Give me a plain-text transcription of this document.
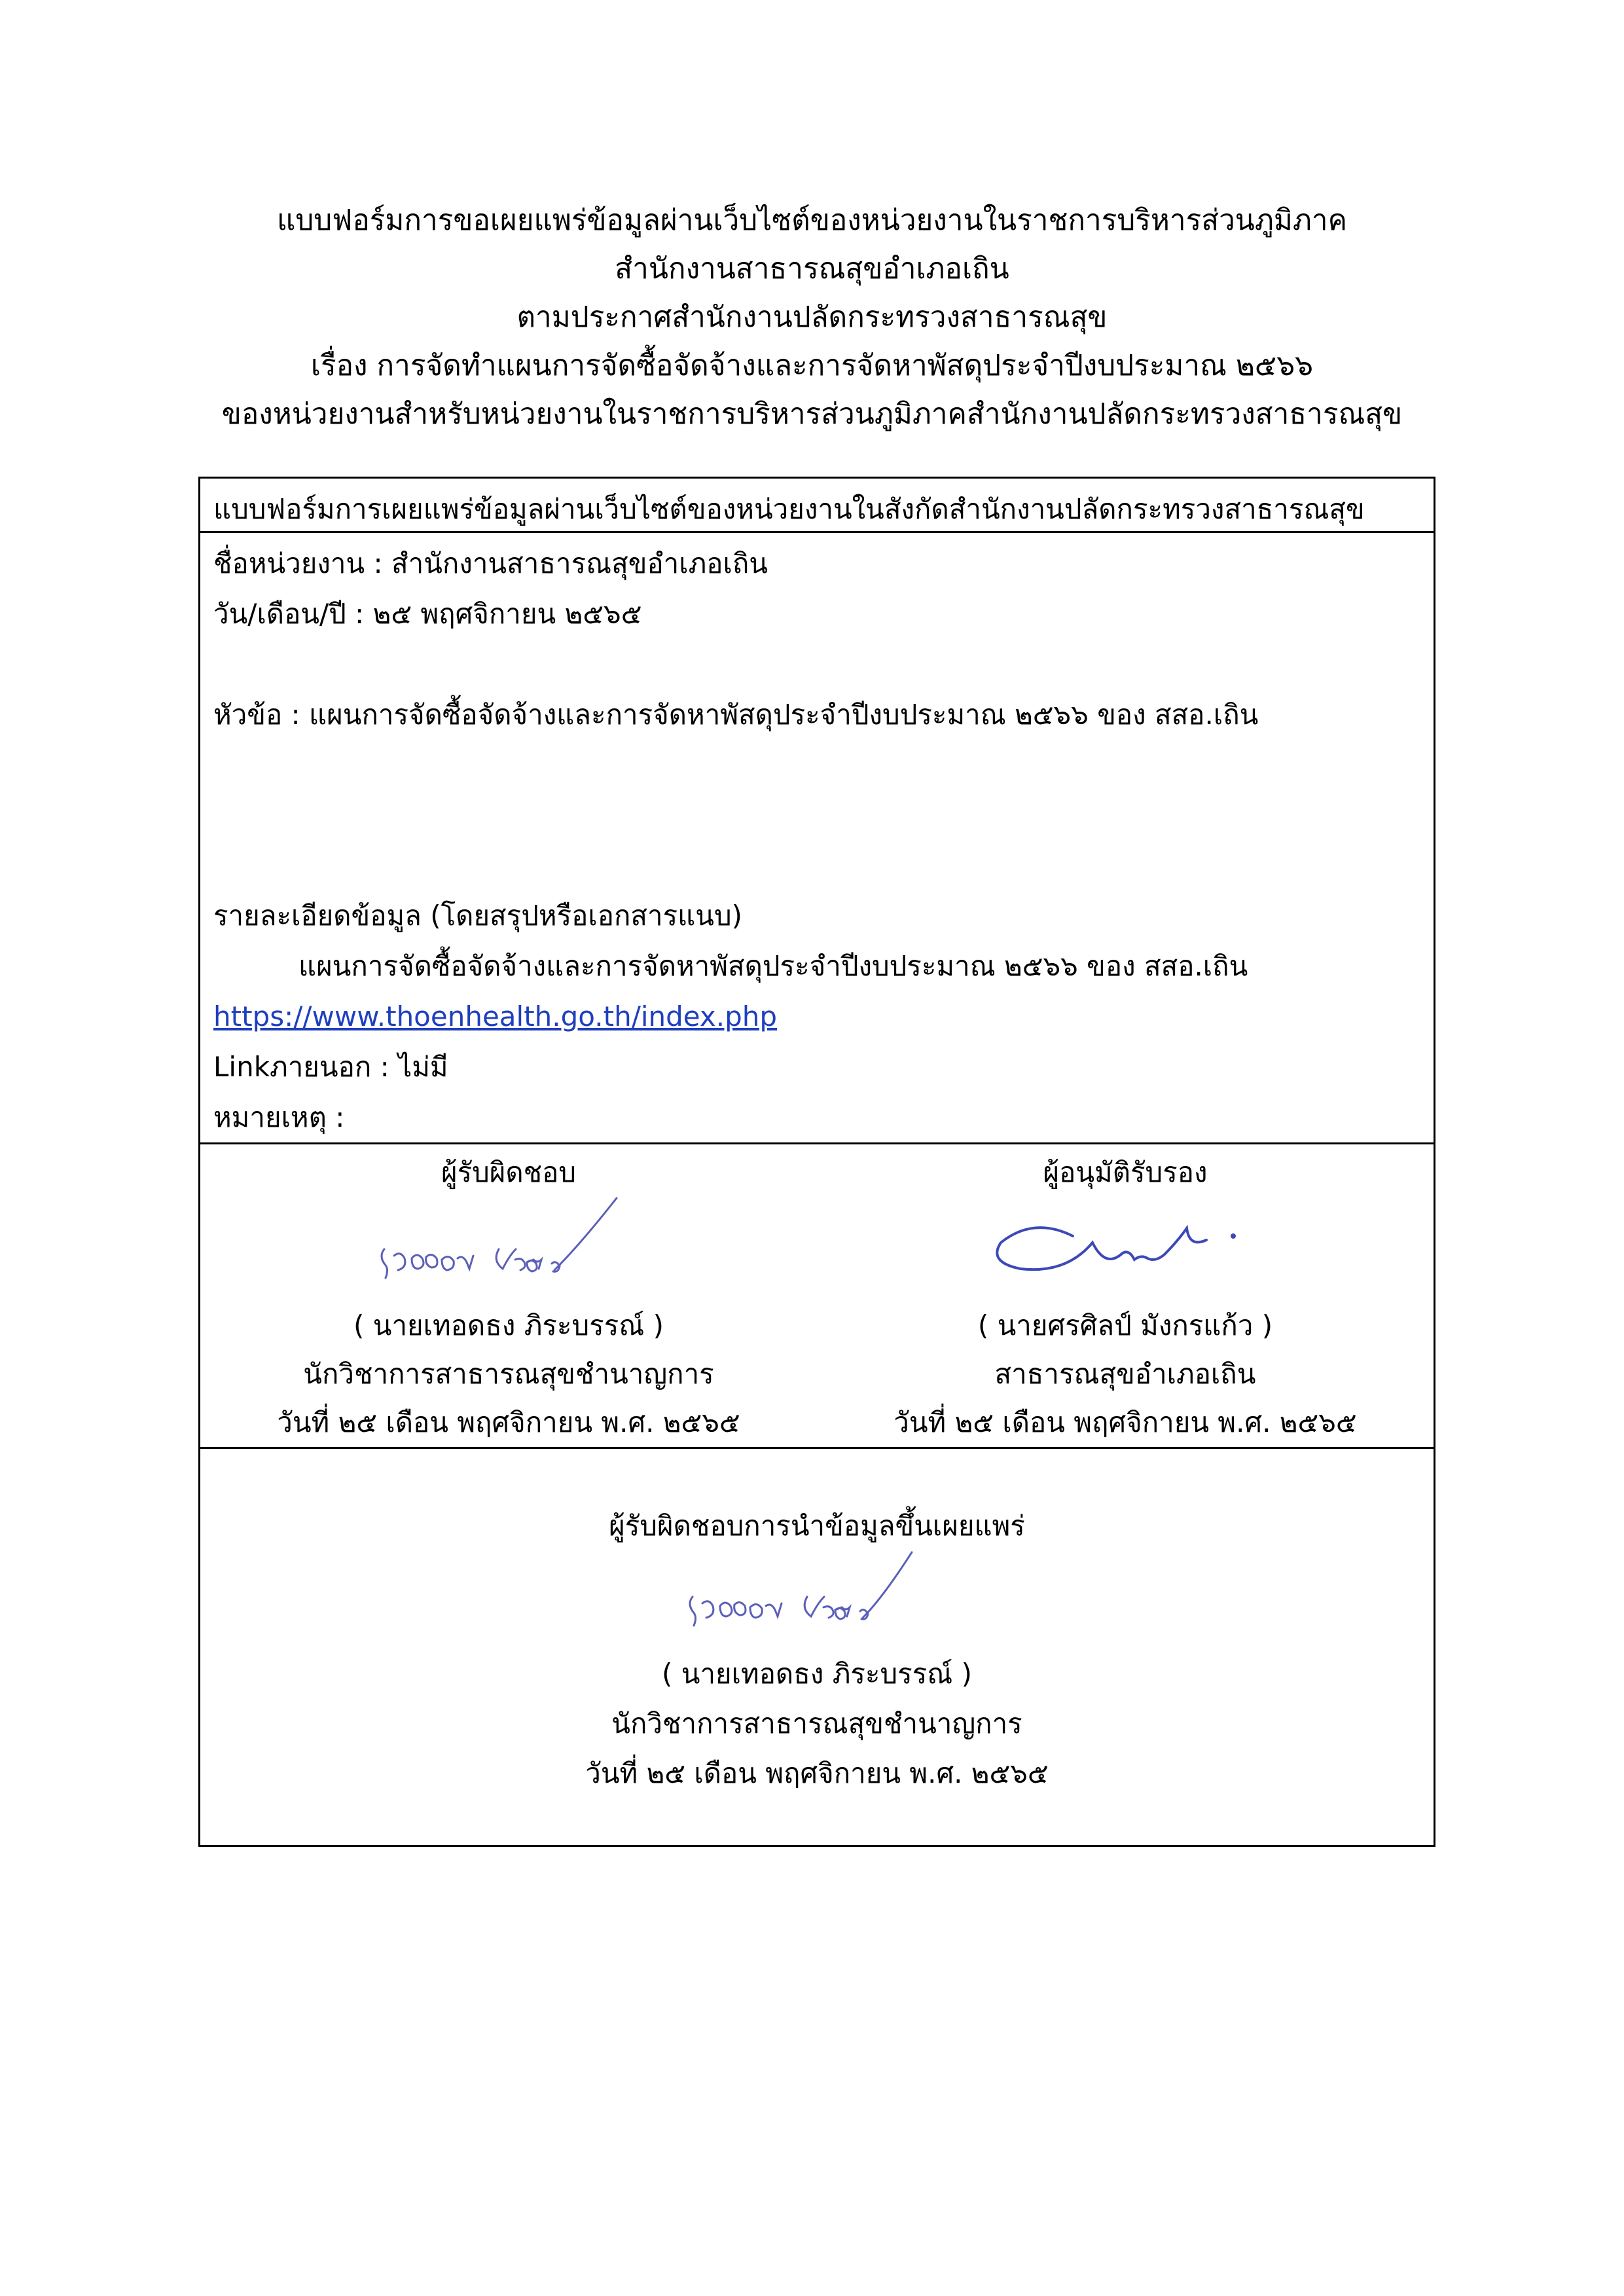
แบบฟอร์มการขอเผยแพร่ข้อมูลผ่านเว็บไซต์ของหน่วยงานในราชการบริหารส่วนภูมิภาค
สำนักงานสาธารณสุขอำเภอเถิน
ตามประกาศสำนักงานปลัดกระทรวงสาธารณสุข
เรื่อง การจัดทำแผนการจัดซื้อจัดจ้างและการจัดหาพัสดุประจำปีงบประมาณ ๒๕๖๖
ของหน่วยงานสำหรับหน่วยงานในราชการบริหารส่วนภูมิภาคสำนักงานปลัดกระทรวงสาธารณสุข
แบบฟอร์มการเผยแพร่ข้อมูลผ่านเว็บไซต์ของหน่วยงานในสังกัดสำนักงานปลัดกระทรวงสาธารณสุข

ชื่อหน่วยงาน : สำนักงานสาธารณสุขอำเภอเถิน
วัน/เดือน/ปี : ๒๕ พฤศจิกายน ๒๕๖๕
หัวข้อ : แผนการจัดซื้อจัดจ้างและการจัดหาพัสดุประจำปีงบประมาณ ๒๕๖๖ ของ สสอ.เถิน
รายละเอียดข้อมูล (โดยสรุปหรือเอกสารแนบ)
แผนการจัดซื้อจัดจ้างและการจัดหาพัสดุประจำปีงบประมาณ ๒๕๖๖ ของ สสอ.เถิน
https://www.thoenhealth.go.th/index.php
Linkภายนอก : ไม่มี
หมายเหตุ :

ผู้รับผิดชอบ
( นายเทอดธง ภิระบรรณ์ )
นักวิชาการสาธารณสุขชำนาญการ
วันที่ ๒๕ เดือน พฤศจิกายน พ.ศ. ๒๕๖๕
ผู้อนุมัติรับรอง
( นายศรศิลป์ มังกรแก้ว )
สาธารณสุขอำเภอเถิน
วันที่ ๒๕ เดือน พฤศจิกายน พ.ศ. ๒๕๖๕

ผู้รับผิดชอบการนำข้อมูลขึ้นเผยแพร่
( นายเทอดธง ภิระบรรณ์ )
นักวิชาการสาธารณสุขชำนาญการ
วันที่ ๒๕ เดือน พฤศจิกายน พ.ศ. ๒๕๖๕
